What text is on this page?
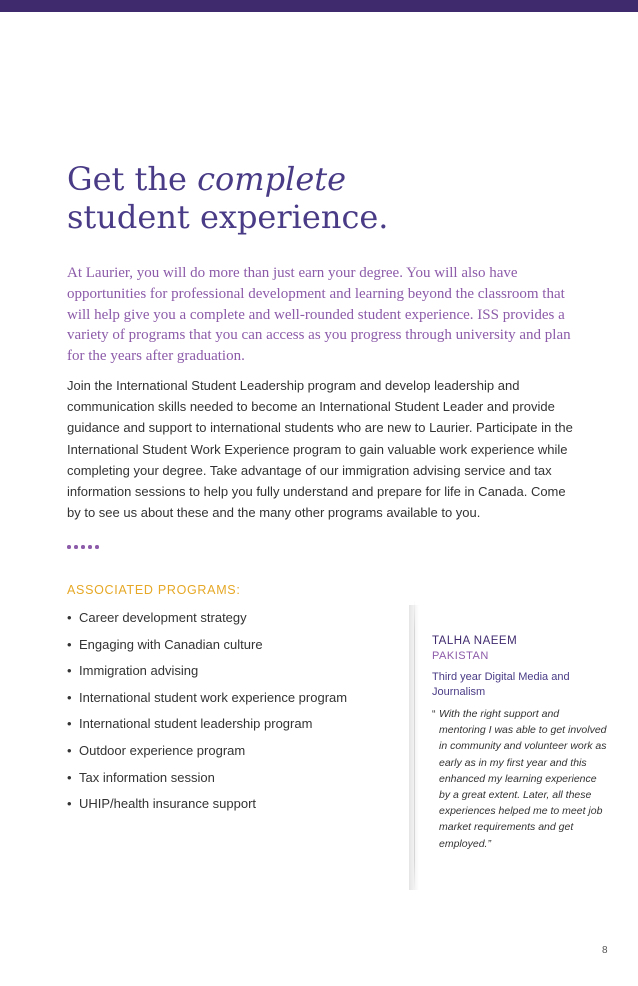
Get the complete
student experience.

At Laurier, you will do more than just earn your degree. You will also have opportunities for professional development and learning beyond the classroom that will help give you a complete and well-rounded student experience. ISS provides a variety of programs that you can access as you progress through university and plan for the years after graduation.

Join the International Student Leadership program and develop leadership and communication skills needed to become an International Student Leader and provide guidance and support to international students who are new to Laurier. Participate in the International Student Work Experience program to gain valuable work experience while completing your degree. Take advantage of our immigration advising service and tax information sessions to help you fully understand and prepare for life in Canada. Come by to see us about these and the many other programs available to you.

ASSOCIATED PROGRAMS:
• Career development strategy
• Engaging with Canadian culture
• Immigration advising
• International student work experience program
• International student leadership program
• Outdoor experience program
• Tax information session
• UHIP/health insurance support
TALHA NAEEM
PAKISTAN
Third year Digital Media and Journalism
“ With the right support and mentoring I was able to get involved in community and volunteer work as early as in my first year and this enhanced my learning experience by a great extent. Later, all these experiences helped me to meet job market requirements and get employed.”
8
